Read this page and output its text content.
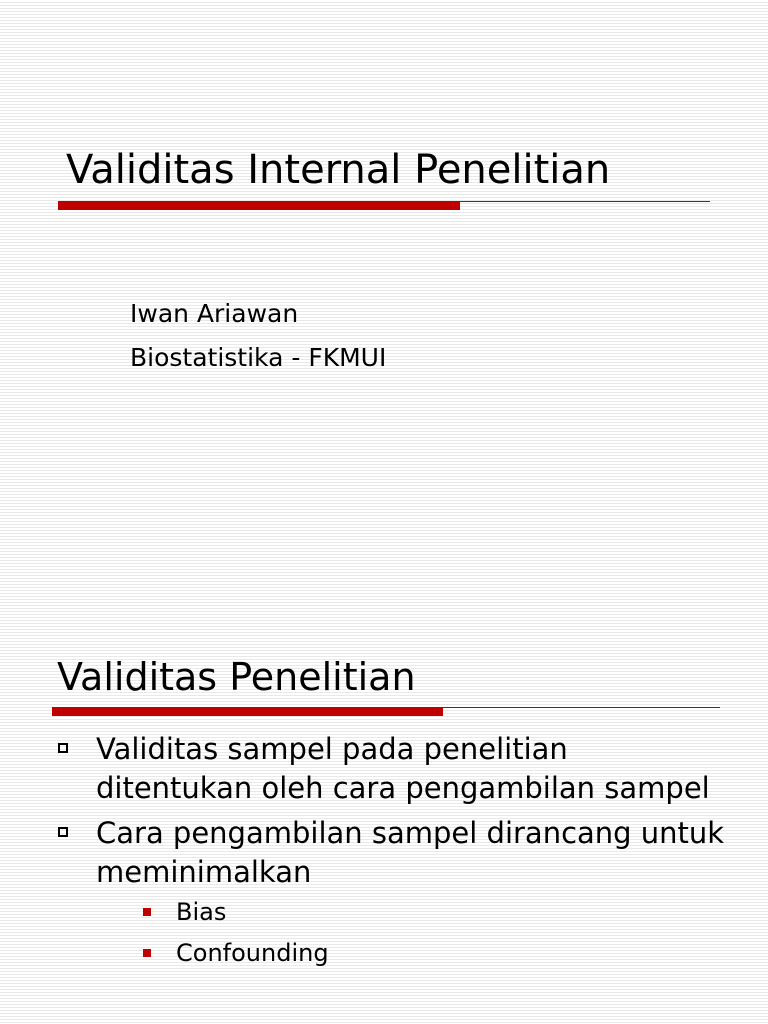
Validitas Internal Penelitian
Iwan Ariawan
Biostatistika - FKMUI
Validitas Penelitian
Validitas sampel pada penelitian ditentukan oleh cara pengambilan sampel
Cara pengambilan sampel dirancang untuk meminimalkan
Bias
Confounding
